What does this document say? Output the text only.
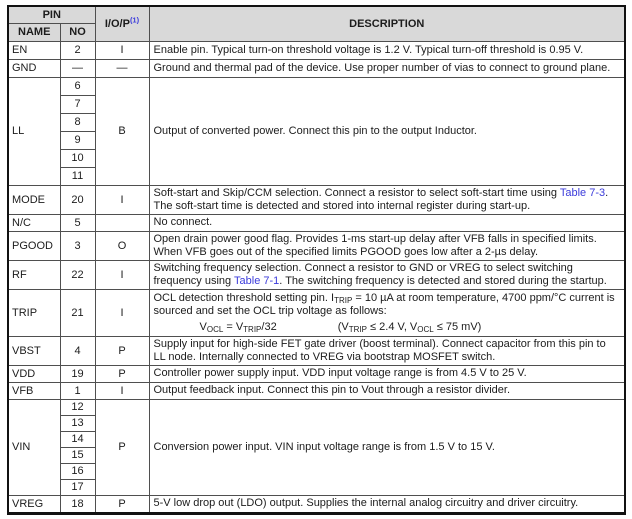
PIN		I/O/P$^{(1)}$	DESCRIPTION
NAME	NO		
EN	2	I	Enable pin. Typical turn-on threshold voltage is 1.2 V. Typical turn-off threshold is 0.95 V.
GND	—	—	Ground and thermal pad of the device. Use proper number of vias to connect to ground plane.
LL	6	B	Output of converted power. Connect this pin to the output Inductor.
	7		
	8		
	9		
	10		
	11		
MODE	20	I	Soft-start and Skip/CCM selection. Connect a resistor to select soft-start time using Table 7-3. The soft-start time is detected and stored into internal register during start-up.
N/C	5		No connect.
PGOOD	3	O	Open drain power good flag. Provides 1-ms start-up delay after VFB falls in specified limits. When VFB goes out of the specified limits PGOOD goes low after a 2-µs delay.
RF	22	I	Switching frequency selection. Connect a resistor to GND or VREG to select switching frequency using Table 7-1. The switching frequency is detected and stored during the startup.
TRIP	21	I	OCL detection threshold setting pin. $I_{TRIP} = 10$ µA at room temperature, 4700 ppm/°C current is sourced and set the OCL trip voltage as follows:
$V_{OCL} = V_{TRIP}/32$ ($V_{TRIP} \le 2.4$ V, $V_{OCL} \le 75$ mV)

VBST	4	P	Supply input for high-side FET gate driver (boost terminal). Connect capacitor from this pin to LL node. Internally connected to VREG via bootstrap MOSFET switch.
VDD	19	P	Controller power supply input. VDD input voltage range is from 4.5 V to 25 V.
VFB	1	I	Output feedback input. Connect this pin to Vout through a resistor divider.
VIN	12	P	Conversion power input. VIN input voltage range is from 1.5 V to 15 V.
	13		
	14		
	15		
	16		
	17		
VREG	18	P	5-V low drop out (LDO) output. Supplies the internal analog circuitry and driver circuitry.
